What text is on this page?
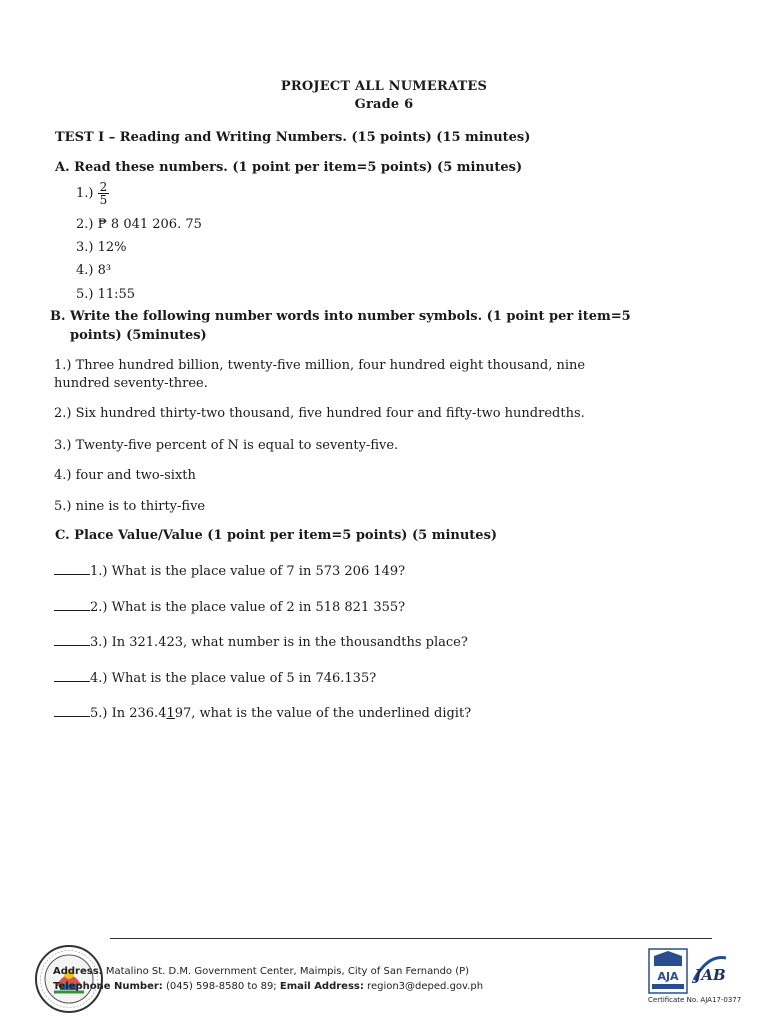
PROJECT ALL NUMERATES
Grade 6
TEST I – Reading and Writing Numbers. (15 points) (15 minutes)
A. Read these numbers. (1 point per item=5 points) (5 minutes)
$1.) \frac{2}{5}$
2.) ₱ 8 041 206. 75
3.) 12%
4.) 8³
5.) 11:55
B. Write the following number words into number symbols. (1 point per item=5
points) (5minutes)
1.) Three hundred billion, twenty-five million, four hundred eight thousand, nine
hundred seventy-three.
2.) Six hundred thirty-two thousand, five hundred four and fifty-two hundredths.
3.) Twenty-five percent of N is equal to seventy-five.
4.) four and two-sixth
5.) nine is to thirty-five
C. Place Value/Value (1 point per item=5 points) (5 minutes)
1.) What is the place value of 7 in 573 206 149?
2.) What is the place value of 2 in 518 821 355?
3.) In 321.423, what number is in the thousandths place?
4.) What is the place value of 5 in 746.135?
5.) In 236.4197, what is the value of the underlined digit?
Address: Matalino St. D.M. Government Center, Maimpis, City of San Fernando (P)
Telephone Number: (045) 598-8580 to 89; Email Address: region3@deped.gov.ph
AJA JAB
Certificate No. AJA17-0377
